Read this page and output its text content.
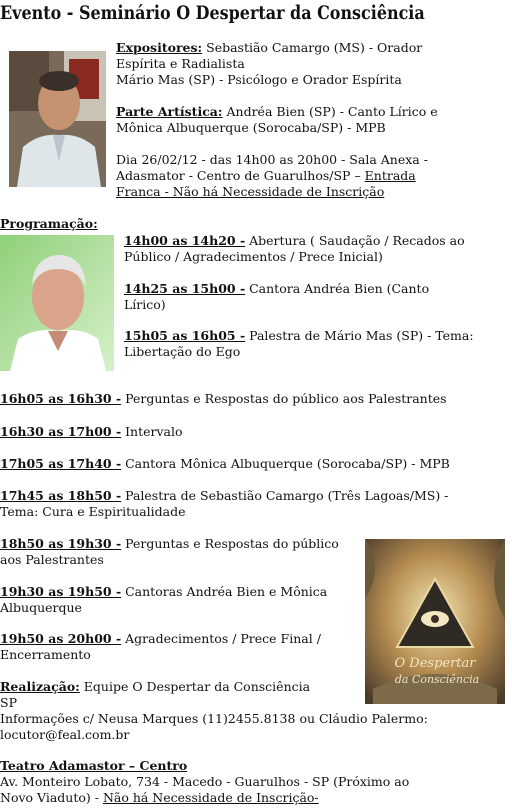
Evento - Seminário O Despertar da Consciência
Expositores: Sebastião Camargo (MS) - Orador
Espírita e Radialista
Mário Mas (SP) - Psicólogo e Orador Espírita
Parte Artística: Andréa Bien (SP) - Canto Lírico e
Mônica Albuquerque (Sorocaba/SP) - MPB
Dia 26/02/12 - das 14h00 as 20h00 - Sala Anexa -
Adasmator - Centro de Guarulhos/SP – Entrada
Franca - Não há Necessidade de Inscrição
Programação:
14h00 as 14h20 - Abertura ( Saudação / Recados ao
Público / Agradecimentos / Prece Inicial)
14h25 as 15h00 - Cantora Andréa Bien (Canto
Lírico)
15h05 as 16h05 - Palestra de Mário Mas (SP) - Tema:
Libertação do Ego
16h05 as 16h30 - Perguntas e Respostas do público aos Palestrantes
16h30 as 17h00 - Intervalo
17h05 as 17h40 - Cantora Mônica Albuquerque (Sorocaba/SP) - MPB
17h45 as 18h50 - Palestra de Sebastião Camargo (Três Lagoas/MS) -
Tema: Cura e Espiritualidade
18h50 as 19h30 - Perguntas e Respostas do público
aos Palestrantes
19h30 as 19h50 - Cantoras Andréa Bien e Mônica
Albuquerque
19h50 as 20h00 - Agradecimentos / Prece Final /
Encerramento
O Despertar
da Consciência
Realização: Equipe O Despertar da Consciência
SP
Informações c/ Neusa Marques (11)2455.8138 ou Cláudio Palermo:
locutor@feal.com.br
Teatro Adamastor – Centro
Av. Monteiro Lobato, 734 - Macedo - Guarulhos - SP (Próximo ao
Novo Viaduto) - Não há Necessidade de Inscrição-
